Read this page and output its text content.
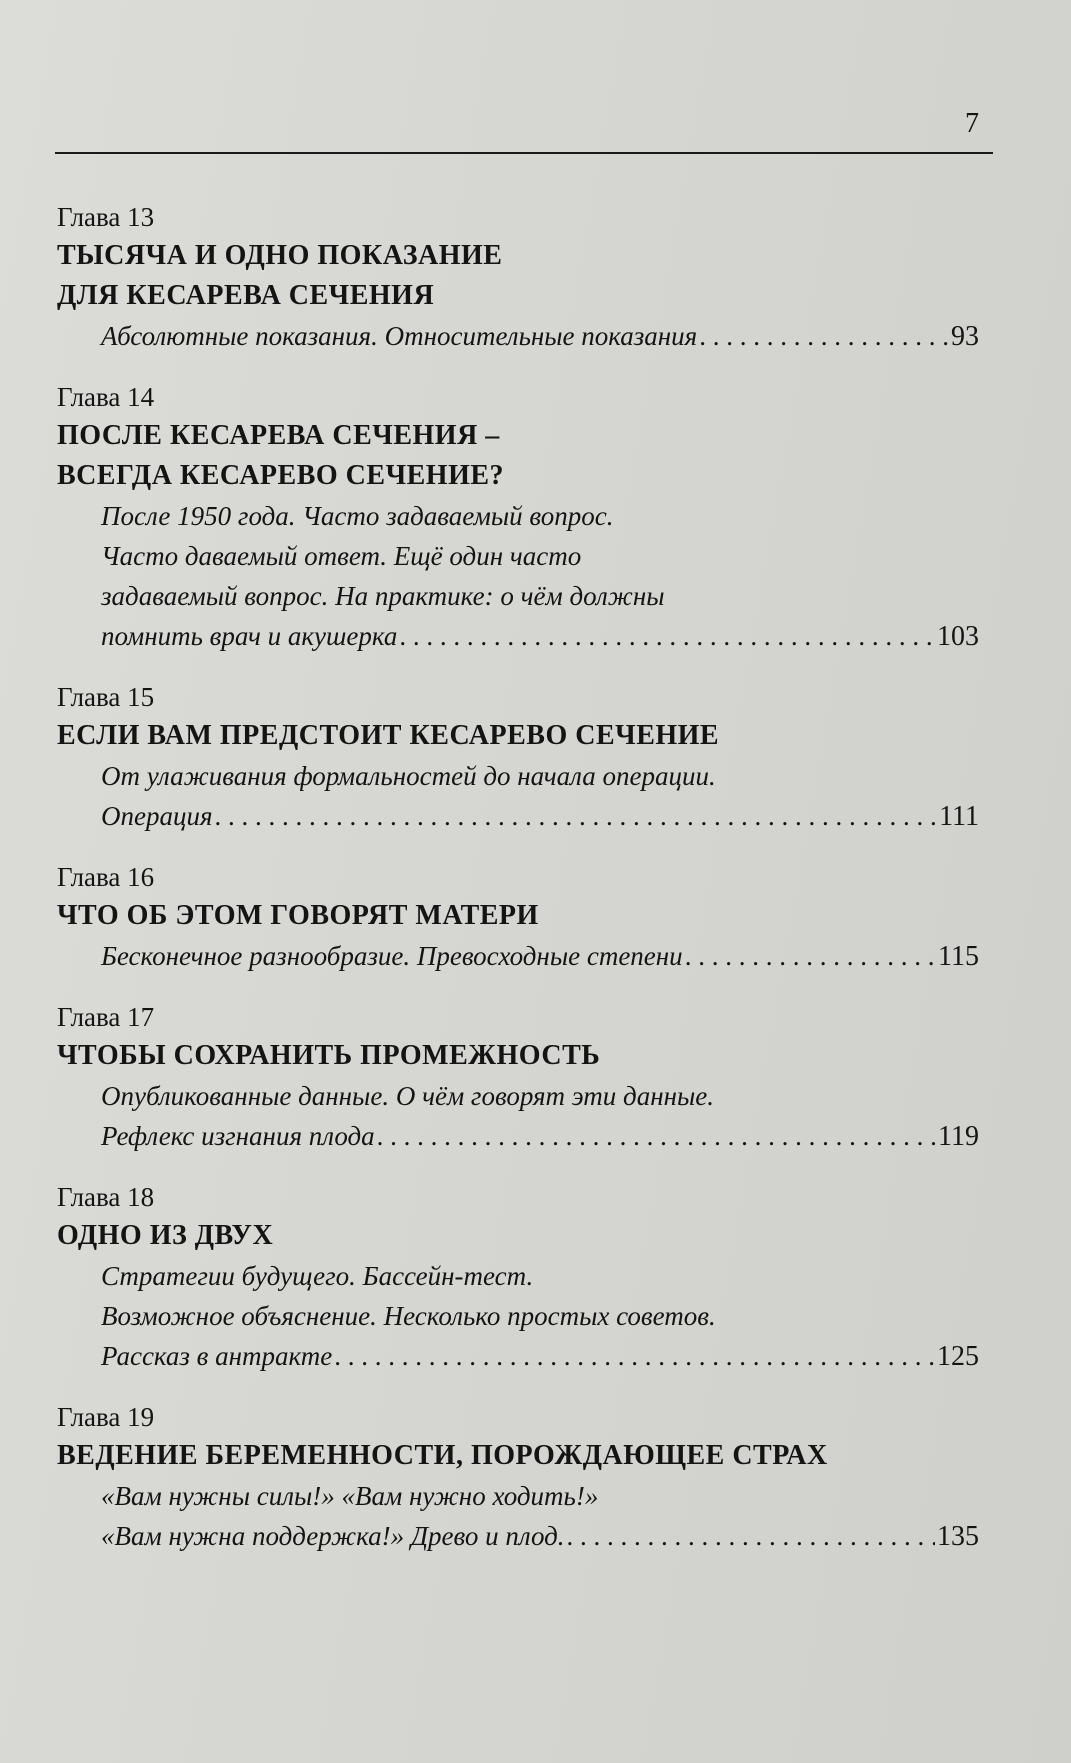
7
Глава 13
ТЫСЯЧА И ОДНО ПОКАЗАНИЕ
ДЛЯ КЕСАРЕВА СЕЧЕНИЯ
Абсолютные показания. Относительные показания . . .	93
Глава 14
ПОСЛЕ КЕСАРЕВА СЕЧЕНИЯ –
ВСЕГДА КЕСАРЕВО СЕЧЕНИЕ?
После 1950 года. Часто задаваемый вопрос.
Часто даваемый ответ. Ещё один часто
задаваемый вопрос. На практике: о чём должны
помнить врач и акушерка . . .	103
Глава 15
ЕСЛИ ВАМ ПРЕДСТОИТ КЕСАРЕВО СЕЧЕНИЕ
От улаживания формальностей до начала операции.
Операция . . .	111
Глава 16
ЧТО ОБ ЭТОМ ГОВОРЯТ МАТЕРИ
Бесконечное разнообразие. Превосходные степени . . .	115
Глава 17
ЧТОБЫ СОХРАНИТЬ ПРОМЕЖНОСТЬ
Опубликованные данные. О чём говорят эти данные.
Рефлекс изгнания плода . . .	119
Глава 18
ОДНО ИЗ ДВУХ
Стратегии будущего. Бассейн-тест.
Возможное объяснение. Несколько простых советов.
Рассказ в антракте . . .	125
Глава 19
ВЕДЕНИЕ БЕРЕМЕННОСТИ, ПОРОЖДАЮЩЕЕ СТРАХ
«Вам нужны силы!» «Вам нужно ходить!»
«Вам нужна поддержка!» Древо и плод. . . .	135
